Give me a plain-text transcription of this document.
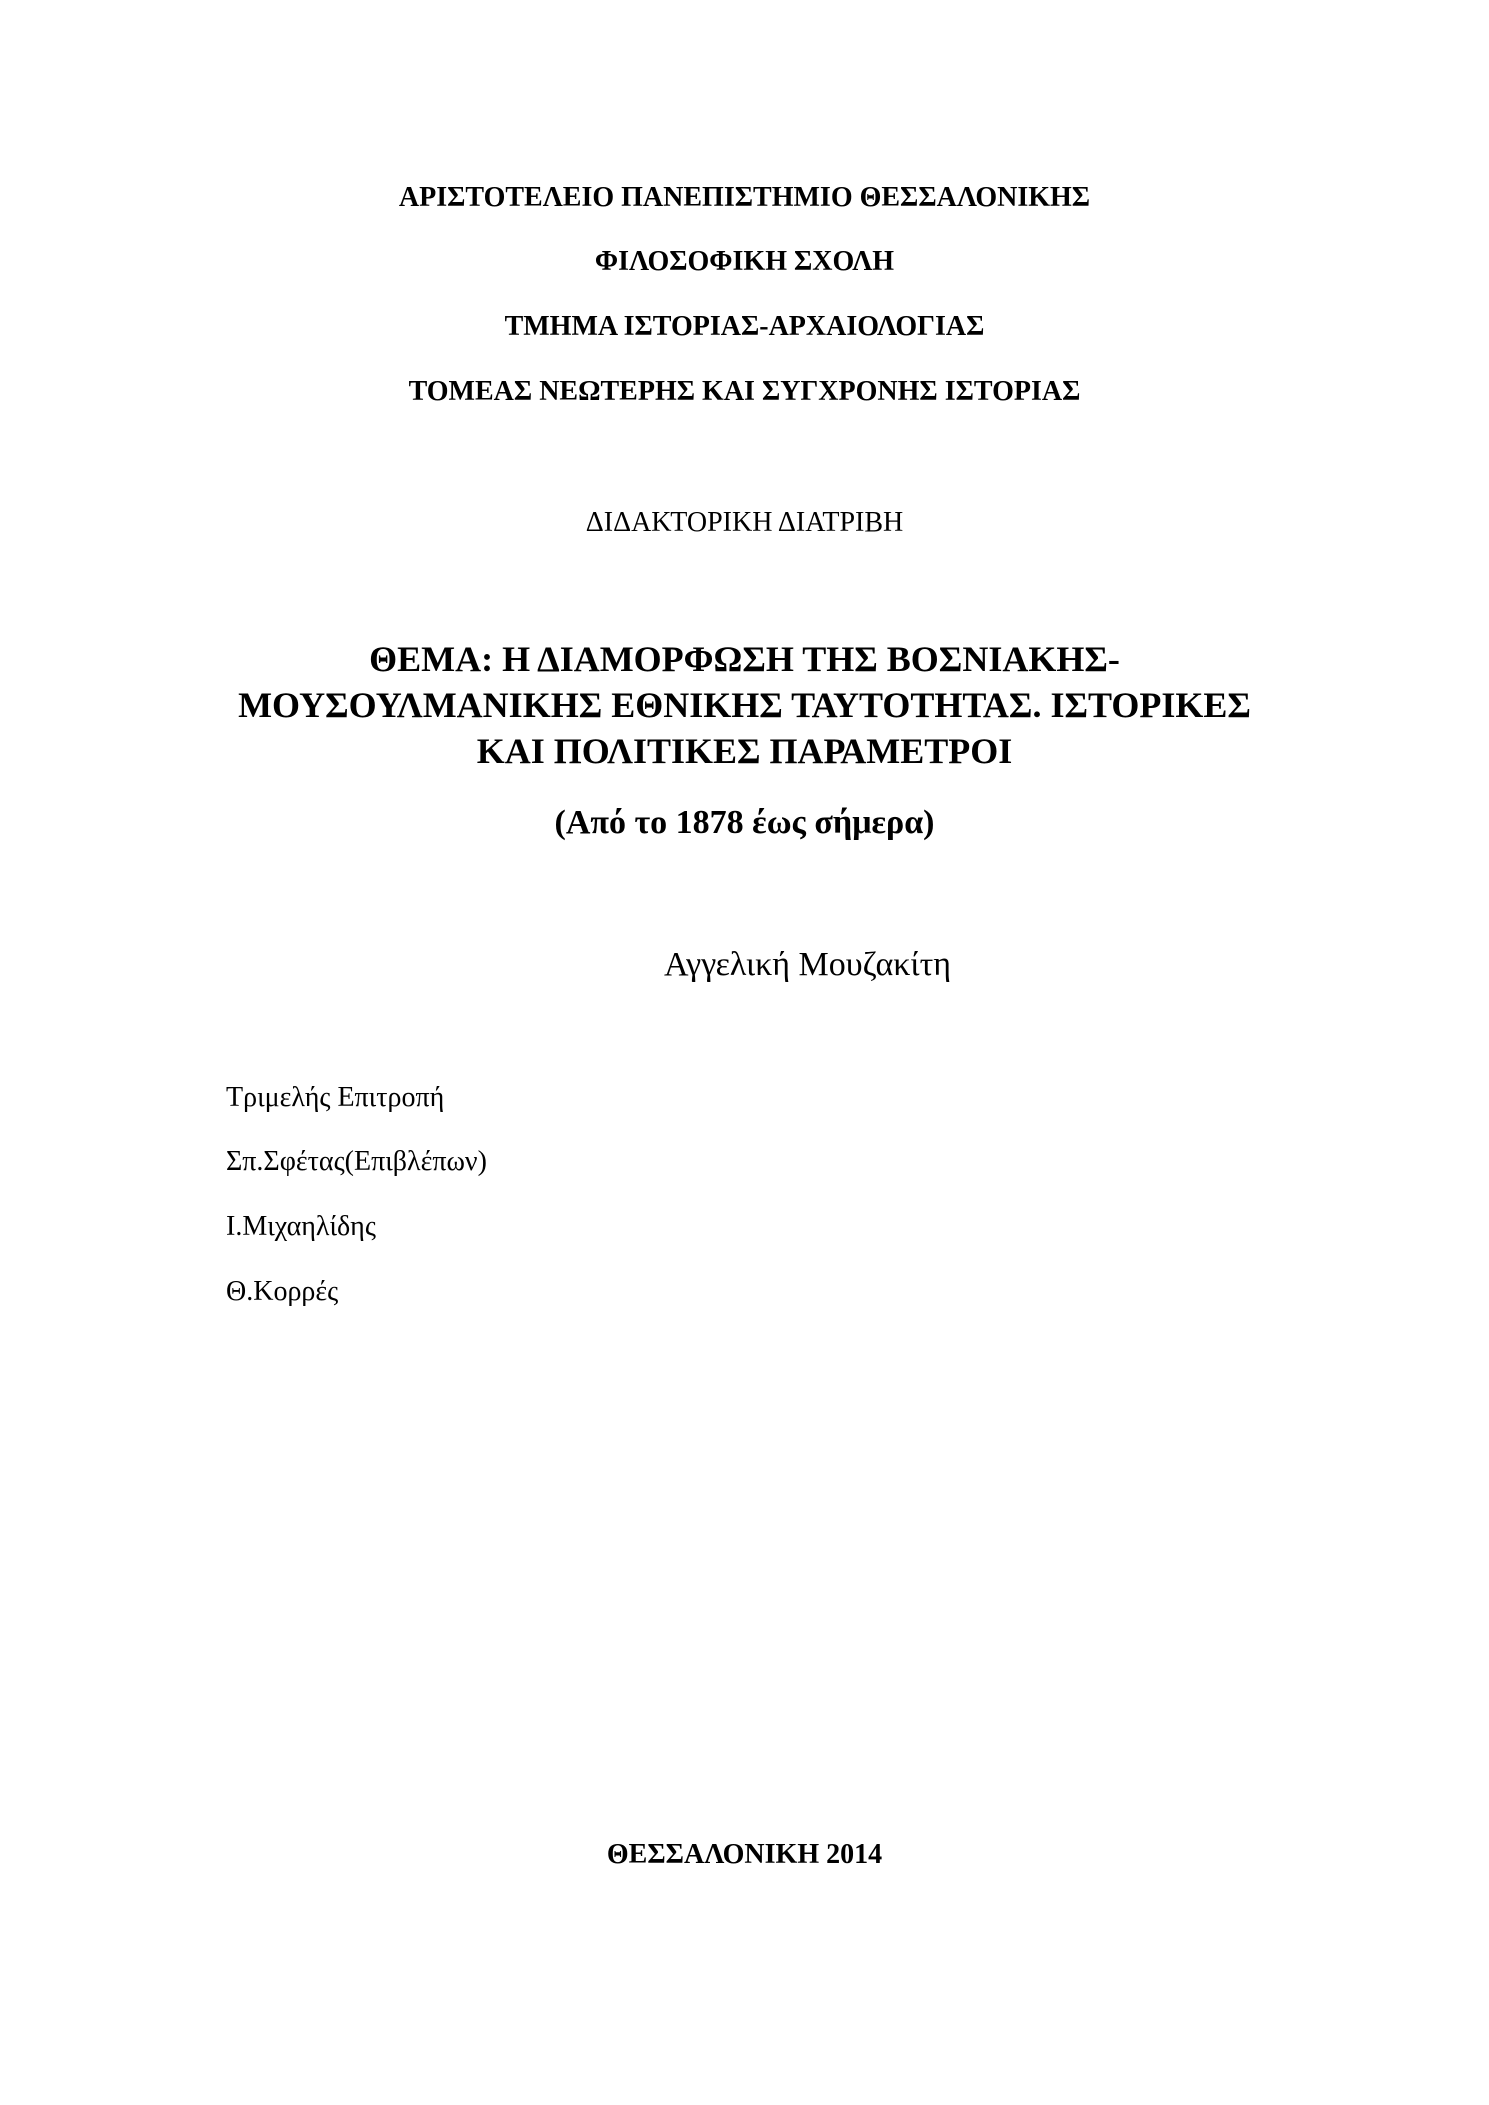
ΑΡΙΣΤΟΤΕΛΕΙΟ ΠΑΝΕΠΙΣΤΗΜΙΟ ΘΕΣΣΑΛΟΝΙΚΗΣ
ΦΙΛΟΣΟΦΙΚΗ ΣΧΟΛΗ
ΤΜΗΜΑ ΙΣΤΟΡΙΑΣ-ΑΡΧΑΙΟΛΟΓΙΑΣ
ΤΟΜΕΑΣ ΝΕΩΤΕΡΗΣ ΚΑΙ ΣΥΓΧΡΟΝΗΣ ΙΣΤΟΡΙΑΣ
ΔΙΔΑΚΤΟΡΙΚΗ ΔΙΑΤΡΙΒΗ
ΘΕΜΑ: Η ΔΙΑΜΟΡΦΩΣΗ ΤΗΣ ΒΟΣΝΙΑΚΗΣ-
ΜΟΥΣΟΥΛΜΑΝΙΚΗΣ ΕΘΝΙΚΗΣ ΤΑΥΤΟΤΗΤΑΣ. ΙΣΤΟΡΙΚΕΣ
ΚΑΙ ΠΟΛΙΤΙΚΕΣ ΠΑΡΑΜΕΤΡΟΙ
(Από το 1878 έως σήμερα)
Αγγελική Μουζακίτη
Τριμελής Επιτροπή
Σπ.Σφέτας(Επιβλέπων)
Ι.Μιχαηλίδης
Θ.Κορρές
ΘΕΣΣΑΛΟΝΙΚΗ 2014
